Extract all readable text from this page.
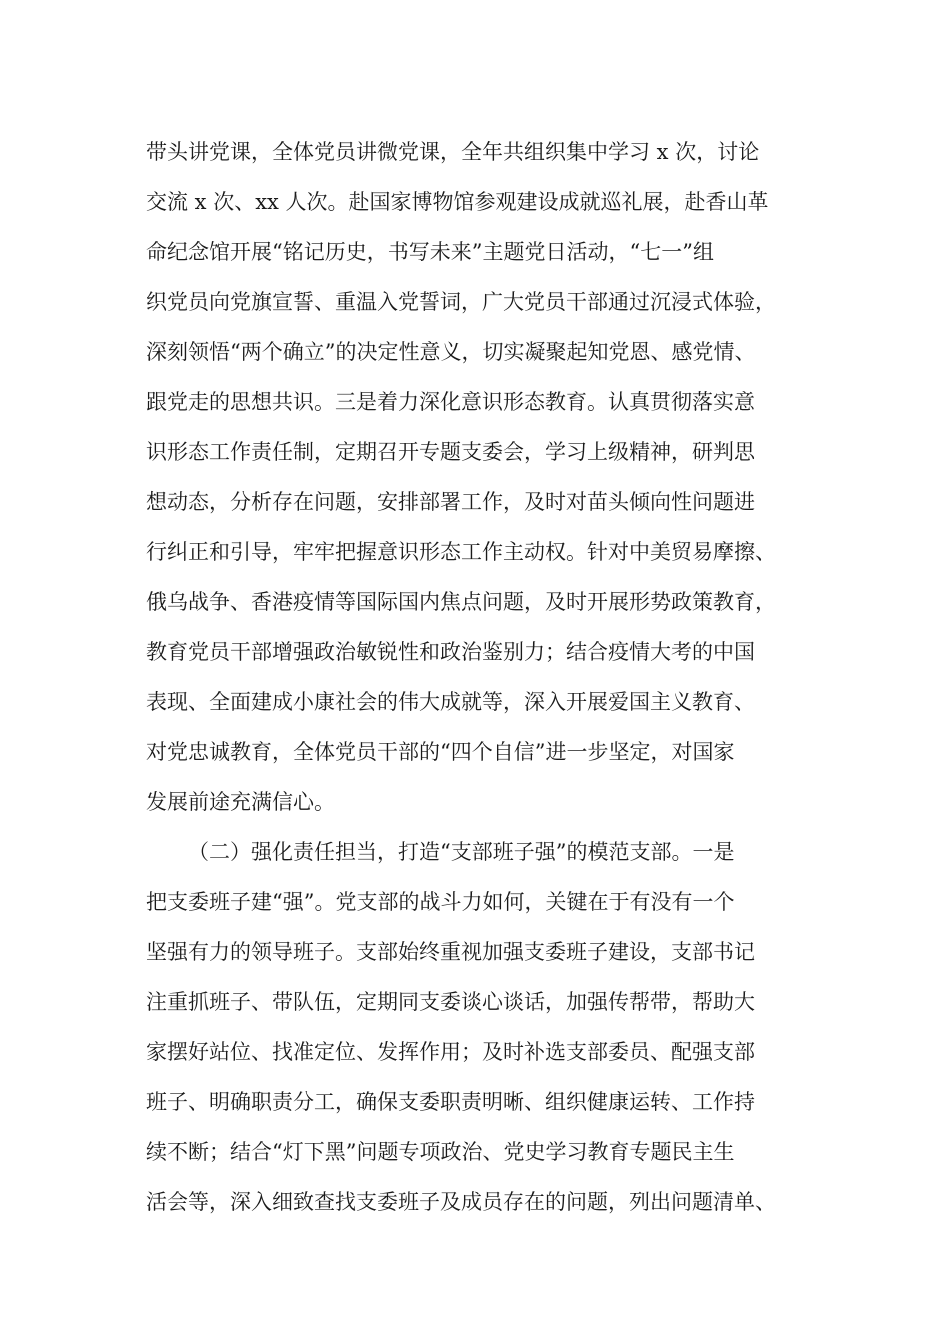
带头讲党课，全体党员讲微党课，全年共组织集中学习 x 次，讨论
交流 x 次、xx 人次。赴国家博物馆参观建设成就巡礼展，赴香山革
命纪念馆开展“铭记历史，书写未来”主题党日活动，“七一”组
织党员向党旗宣誓、重温入党誓词，广大党员干部通过沉浸式体验，
深刻领悟“两个确立”的决定性意义，切实凝聚起知党恩、感党情、
跟党走的思想共识。三是着力深化意识形态教育。认真贯彻落实意
识形态工作责任制，定期召开专题支委会，学习上级精神，研判思
想动态，分析存在问题，安排部署工作，及时对苗头倾向性问题进
行纠正和引导，牢牢把握意识形态工作主动权。针对中美贸易摩擦、
俄乌战争、香港疫情等国际国内焦点问题，及时开展形势政策教育，
教育党员干部增强政治敏锐性和政治鉴别力；结合疫情大考的中国
表现、全面建成小康社会的伟大成就等，深入开展爱国主义教育、
对党忠诚教育，全体党员干部的“四个自信”进一步坚定，对国家
发展前途充满信心。
（二）强化责任担当，打造“支部班子强”的模范支部。一是
把支委班子建“强”。党支部的战斗力如何，关键在于有没有一个
坚强有力的领导班子。支部始终重视加强支委班子建设，支部书记
注重抓班子、带队伍，定期同支委谈心谈话，加强传帮带，帮助大
家摆好站位、找准定位、发挥作用；及时补选支部委员、配强支部
班子、明确职责分工，确保支委职责明晰、组织健康运转、工作持
续不断；结合“灯下黑”问题专项政治、党史学习教育专题民主生
活会等，深入细致查找支委班子及成员存在的问题，列出问题清单、
